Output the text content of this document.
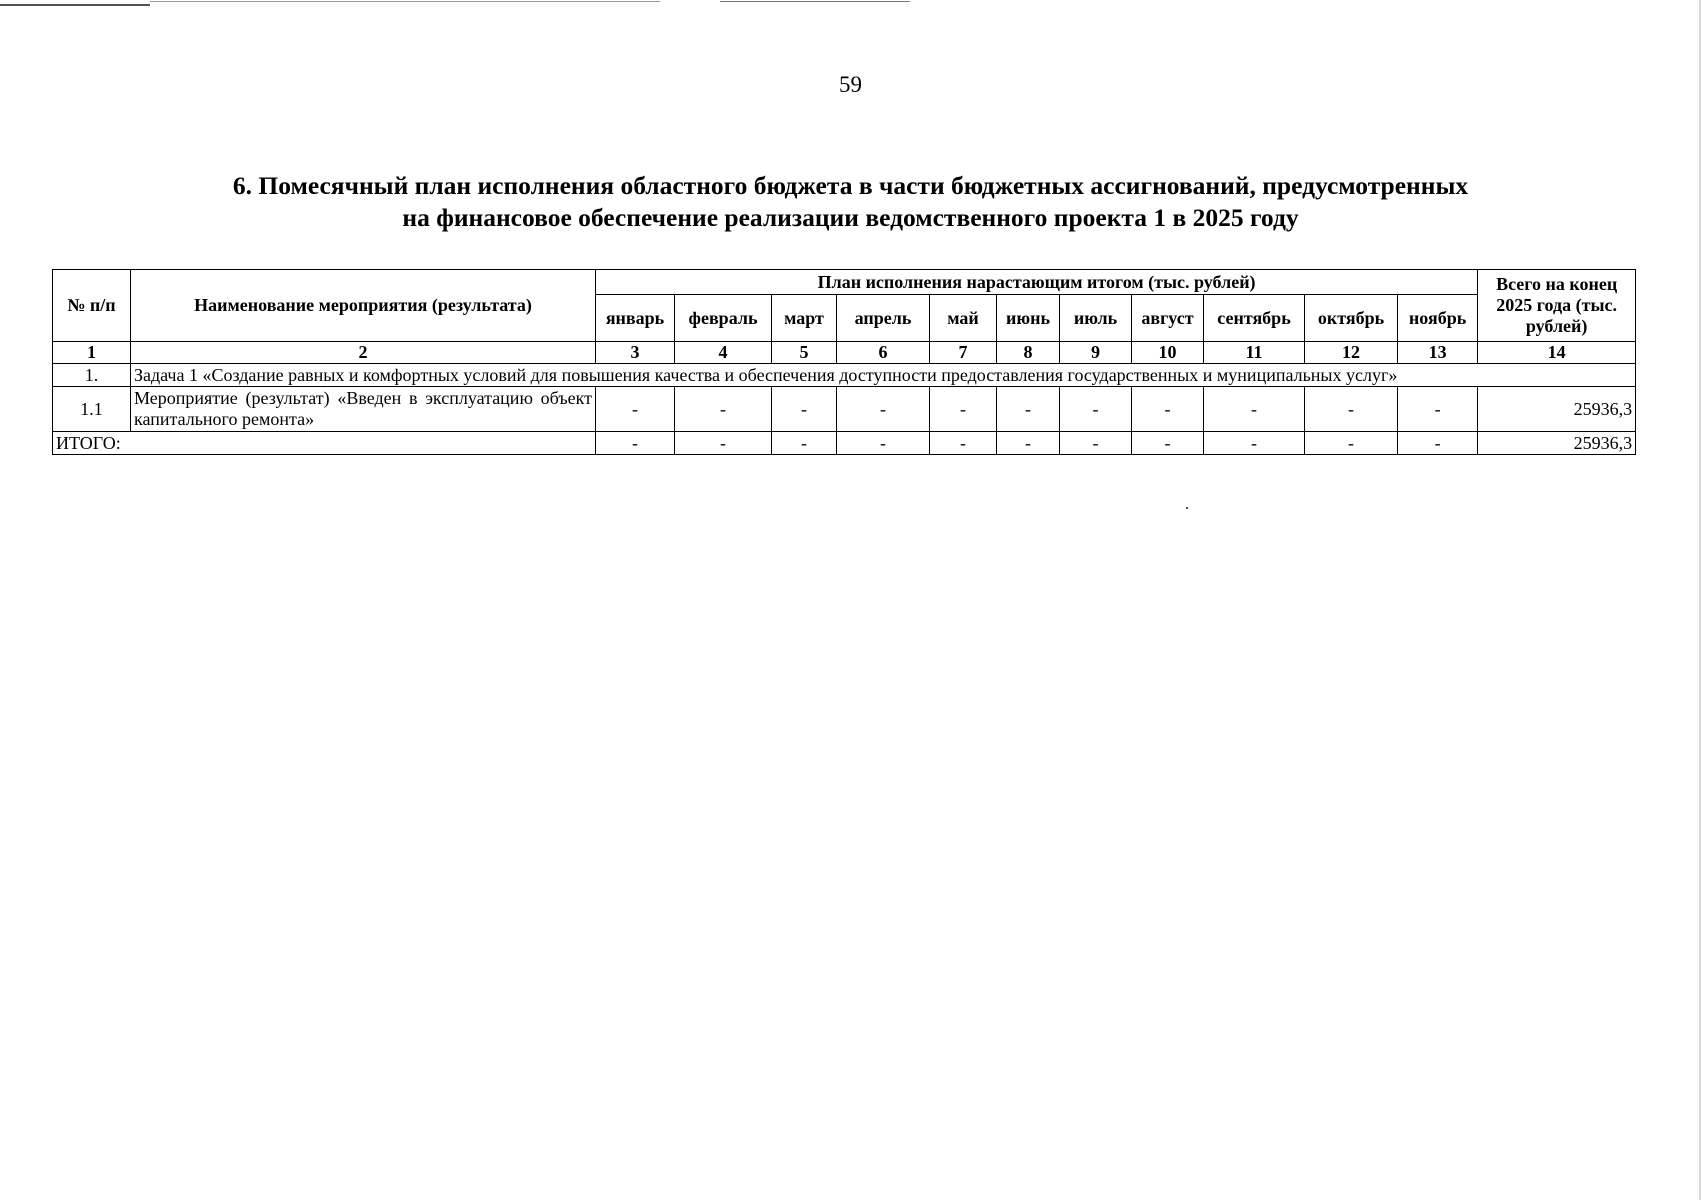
59
6. Помесячный план исполнения областного бюджета в части бюджетных ассигнований, предусмотренных
на финансовое обеспечение реализации ведомственного проекта 1 в 2025 году
№ п/п	Наименование мероприятия (результата)	План исполнения нарастающим итогом (тыс. рублей)											Всего на конец 2025 года (тыс. рублей)
		январь	февраль	март	апрель	май	июнь	июль	август	сентябрь	октябрь	ноябрь	
1	2	3	4	5	6	7	8	9	10	11	12	13	14
1.	Задача 1 «Создание равных и комфортных условий для повышения качества и обеспечения доступности предоставления государственных и муниципальных услуг»												
1.1	Мероприятие (результат) «Введен в эксплуатацию объект капитального ремонта»	-	-	-	-	-	-	-	-	-	-	-	25936,3
ИТОГО:		-	-	-	-	-	-	-	-	-	-	-	25936,3
